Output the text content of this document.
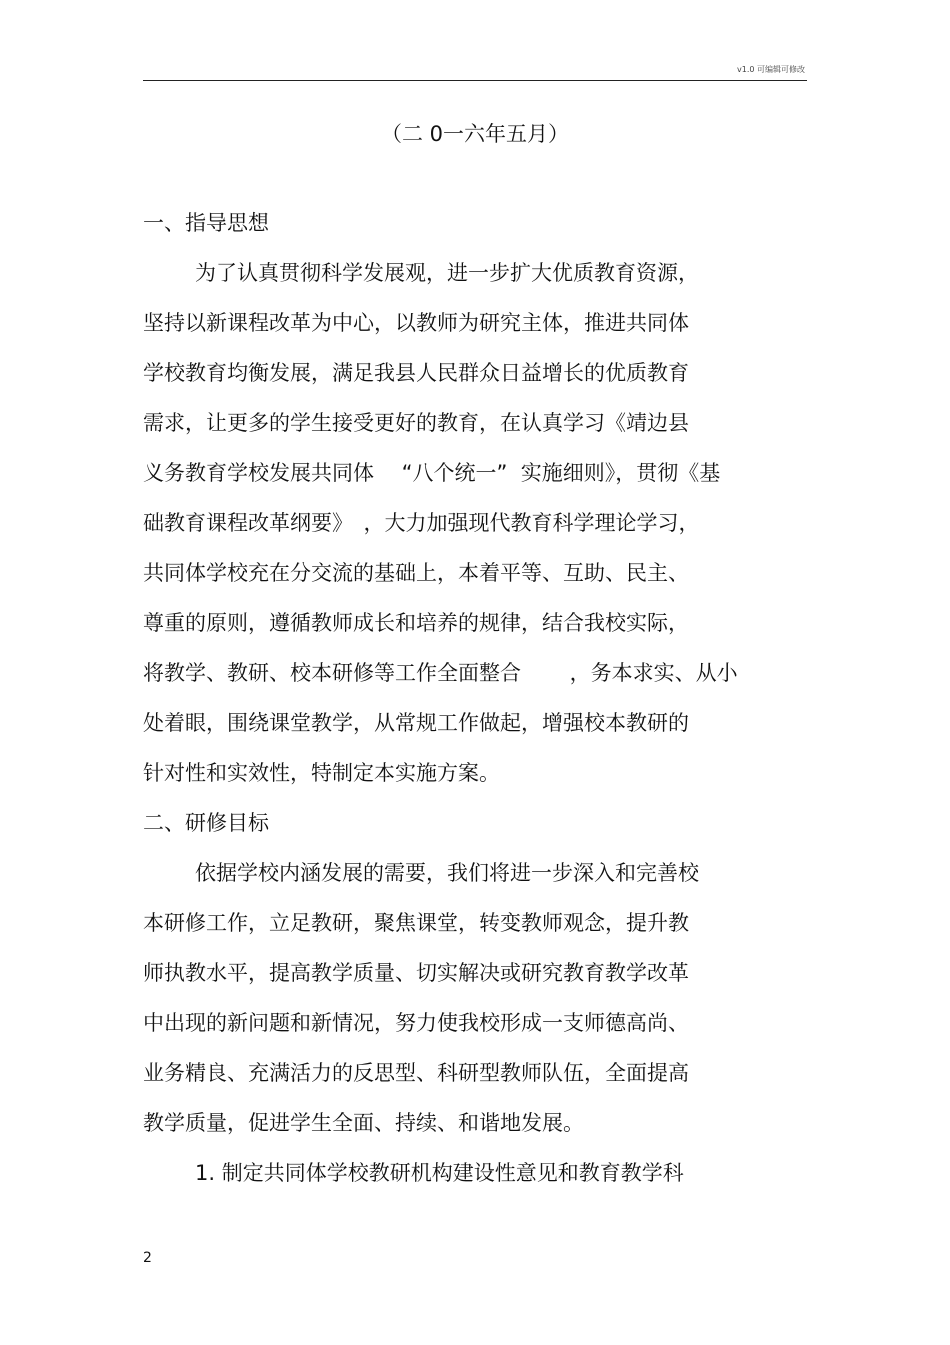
v1.0 可编辑可修改
（二 0一六年五月）
一、指导思想
为了认真贯彻科学发展观，进一步扩大优质教育资源，
坚持以新课程改革为中心，以教师为研究主体，推进共同体
学校教育均衡发展，满足我县人民群众日益增长的优质教育
需求，让更多的学生接受更好的教育，在认真学习《靖边县
义务教育学校发展共同体　 “八个统一”  实施细则》，贯彻《基
础教育课程改革纲要》　，大力加强现代教育科学理论学习，
共同体学校充在分交流的基础上，本着平等、互助、民主、
尊重的原则，遵循教师成长和培养的规律，结合我校实际，
将教学、教研、校本研修等工作全面整合　　 ，务本求实、从小
处着眼，围绕课堂教学，从常规工作做起，增强校本教研的
针对性和实效性，特制定本实施方案。
二、研修目标
依据学校内涵发展的需要，我们将进一步深入和完善校
本研修工作，立足教研，聚焦课堂，转变教师观念，提升教
师执教水平，提高教学质量、切实解决或研究教育教学改革
中出现的新问题和新情况，努力使我校形成一支师德高尚、
业务精良、充满活力的反思型、科研型教师队伍，全面提高
教学质量，促进学生全面、持续、和谐地发展。
1. 制定共同体学校教研机构建设性意见和教育教学科
2
